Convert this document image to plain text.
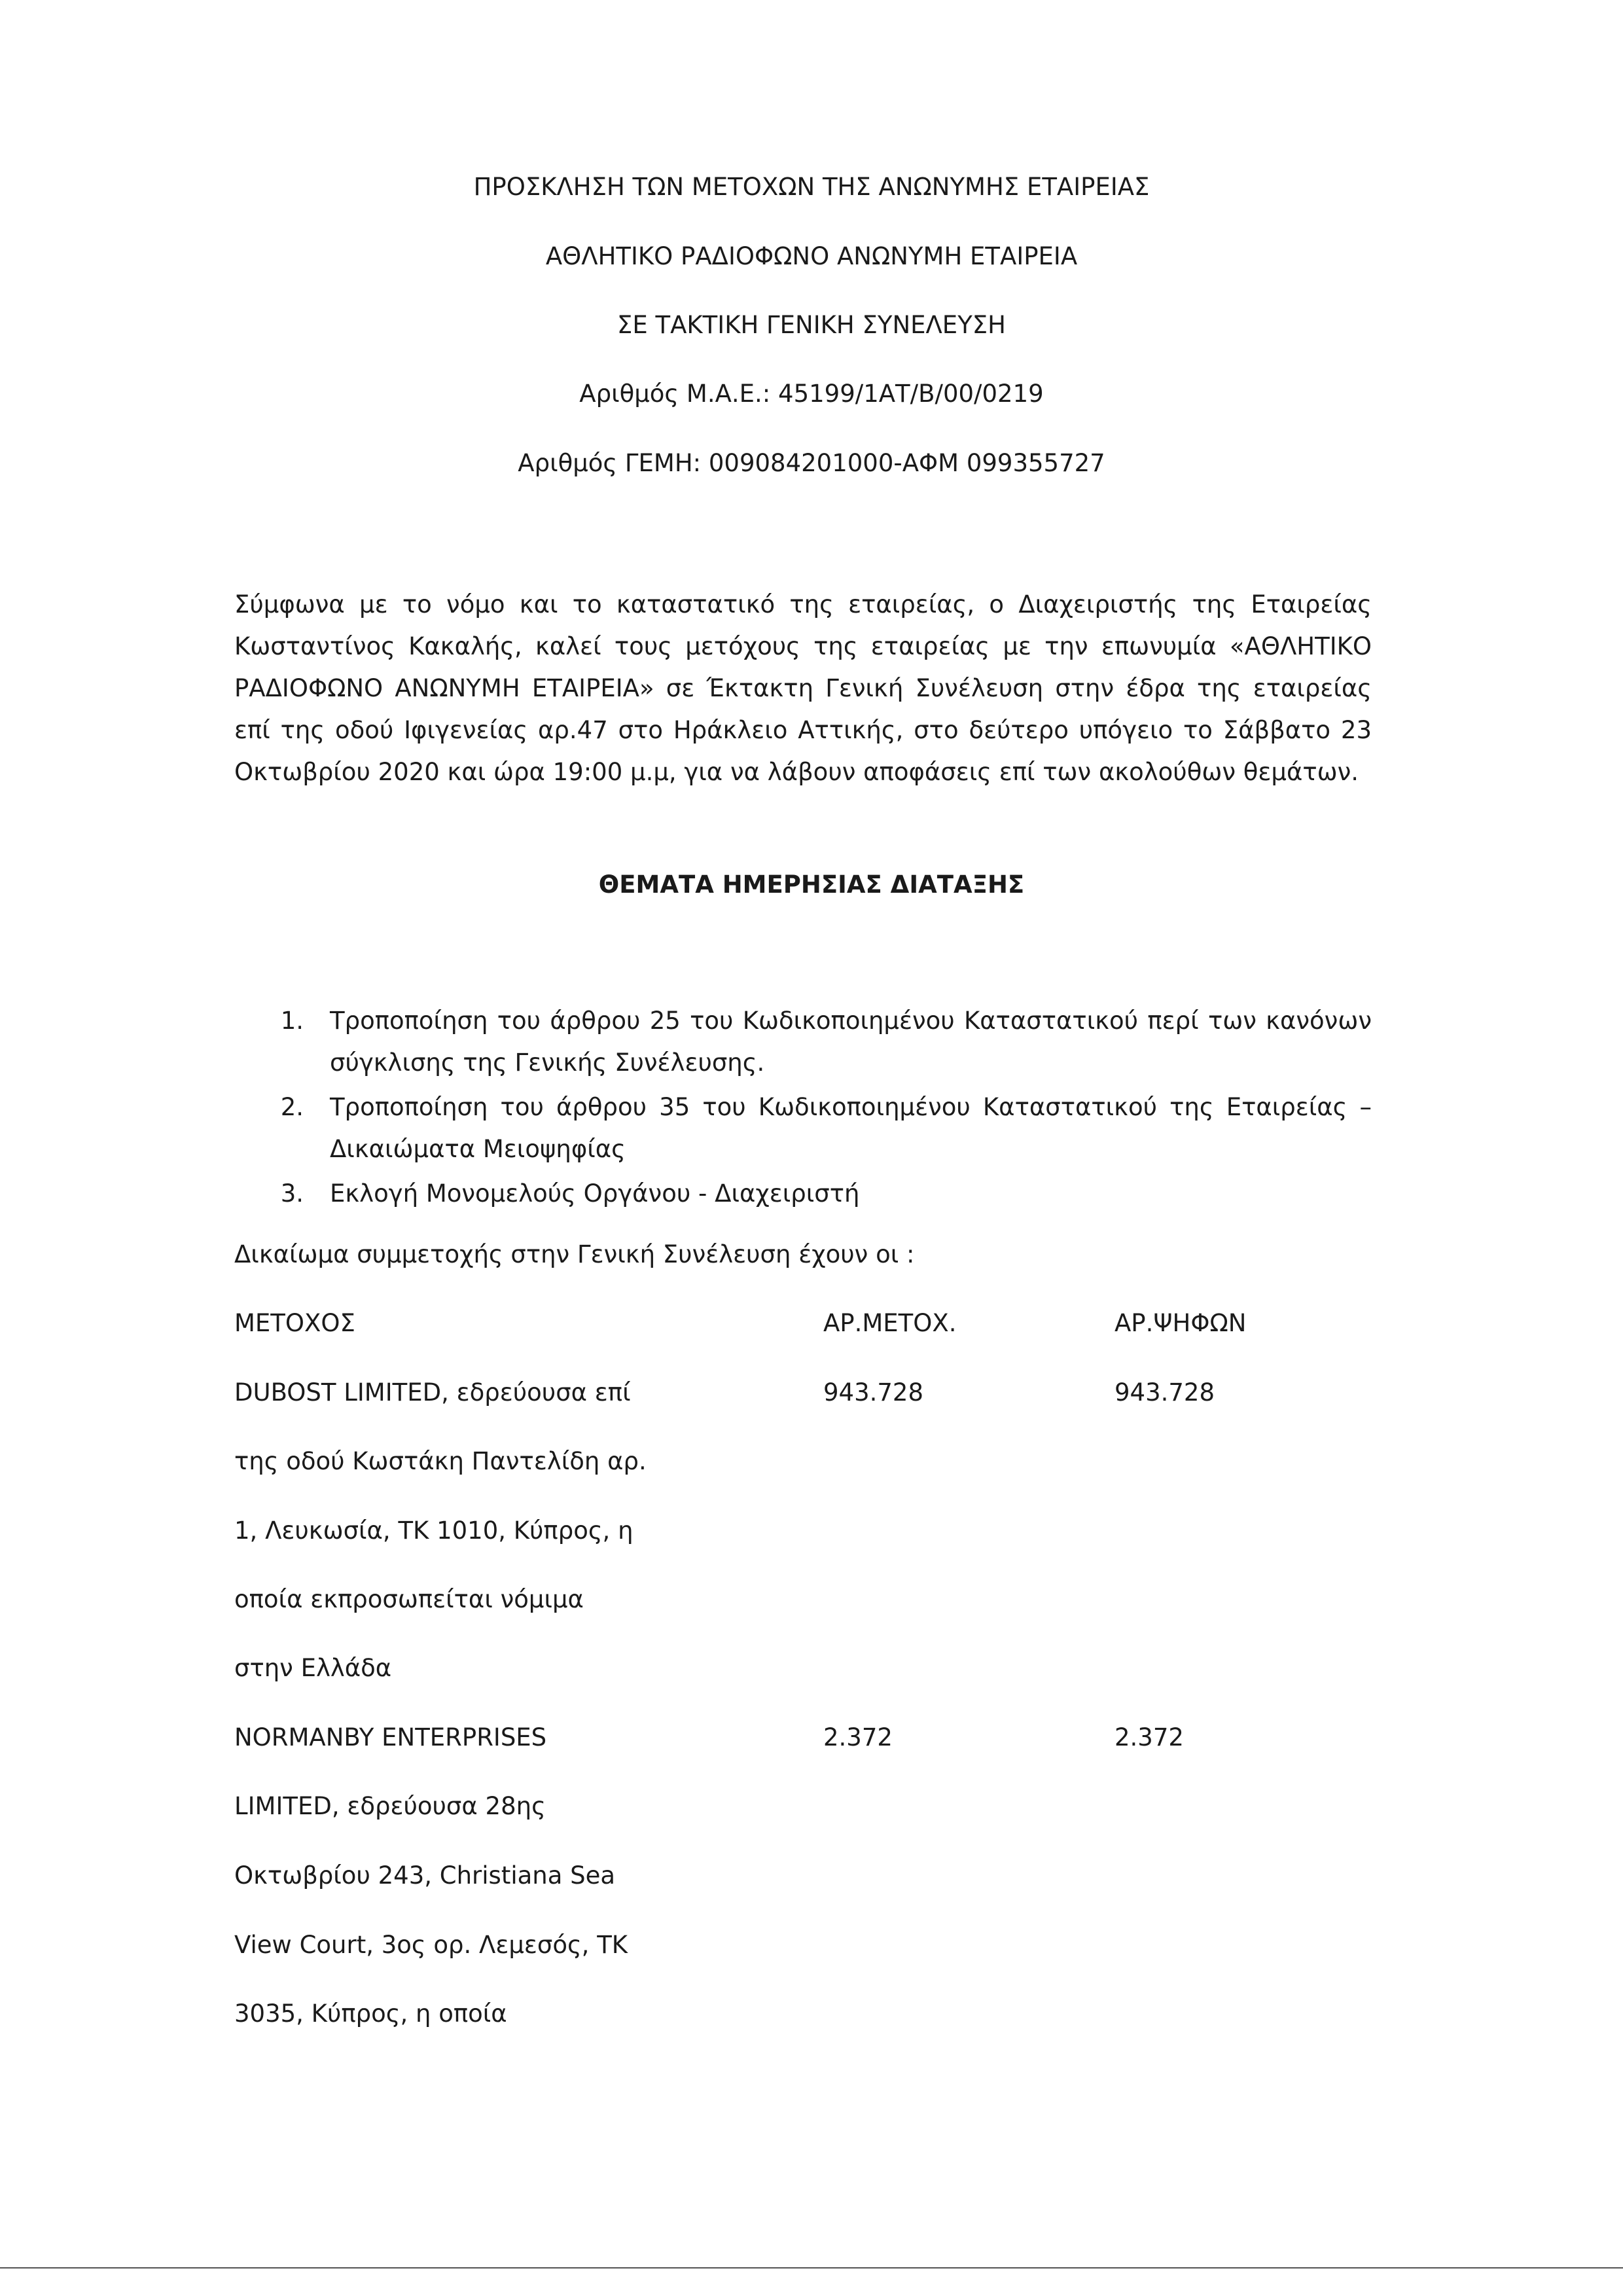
ΠΡΟΣΚΛΗΣΗ ΤΩΝ ΜΕΤΟΧΩΝ ΤΗΣ ΑΝΩΝΥΜΗΣ ΕΤΑΙΡΕΙΑΣ
ΑΘΛΗΤΙΚΟ ΡΑΔΙΟΦΩΝΟ ΑΝΩΝΥΜΗ ΕΤΑΙΡΕΙΑ
ΣΕ ΤΑΚΤΙΚΗ ΓΕΝΙΚΗ ΣΥΝΕΛΕΥΣΗ
Αριθμός Μ.Α.Ε.: 45199/1ΑΤ/Β/00/0219
Αριθμός ΓΕΜΗ: 009084201000-ΑΦΜ 099355727
Σύμφωνα με το νόμο και το καταστατικό της εταιρείας, ο Διαχειριστής της Εταιρείας Κωσταντίνος Κακαλής, καλεί τους μετόχους της εταιρείας με την επωνυμία «ΑΘΛΗΤΙΚΟ ΡΑΔΙΟΦΩΝΟ ΑΝΩΝΥΜΗ ΕΤΑΙΡΕΙΑ» σε Έκτακτη Γενική Συνέλευση στην έδρα της εταιρείας επί της οδού Ιφιγενείας αρ.47 στο Ηράκλειο Αττικής, στο δεύτερο υπόγειο το Σάββατο 23 Οκτωβρίου 2020 και ώρα 19:00 μ.μ, για να λάβουν αποφάσεις επί των ακολούθων θεμάτων.
ΘΕΜΑΤΑ ΗΜΕΡΗΣΙΑΣ ΔΙΑΤΑΞΗΣ
1.	Τροποποίηση του άρθρου 25 του Κωδικοποιημένου Καταστατικού περί των κανόνων σύγκλισης της Γενικής Συνέλευσης.
2.	Τροποποίηση του άρθρου 35 του Κωδικοποιημένου Καταστατικού της Εταιρείας – Δικαιώματα Μειοψηφίας
3.	Εκλογή Μονομελούς Οργάνου - Διαχειριστή
Δικαίωμα συμμετοχής στην Γενική Συνέλευση έχουν οι :
ΜΕΤΟΧΟΣ	ΑΡ.ΜΕΤΟΧ.	ΑΡ.ΨΗΦΩΝ
DUBOST LIMITED, εδρεύουσα επί	943.728	943.728
της οδού Κωστάκη Παντελίδη αρ.
1, Λευκωσία, ΤΚ 1010, Κύπρος, η
οποία εκπροσωπείται νόμιμα
στην Ελλάδα
NORMANBY ENTERPRISES	2.372	2.372
LIMITED, εδρεύουσα 28ης
Οκτωβρίου 243, Christiana Sea
View Court, 3ος ορ. Λεμεσός, ΤΚ
3035, Κύπρος, η οποία
